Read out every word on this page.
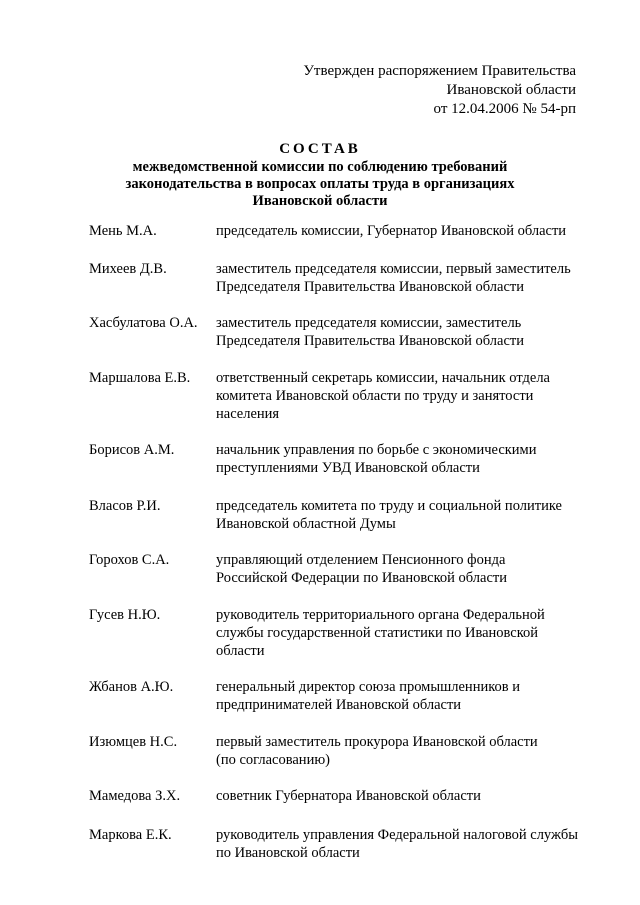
Утвержден распоряжением Правительства
Ивановской области
от 12.04.2006 № 54-рп
СОСТАВ
межведомственной комиссии по соблюдению требований
законодательства в вопросах оплаты труда в организациях
Ивановской области
Мень М.А.	председатель комиссии, Губернатор Ивановской области
Михеев Д.В.	заместитель председателя комиссии, первый заместитель
Председателя Правительства Ивановской области
Хасбулатова О.А. заместитель председателя комиссии, заместитель
Председателя Правительства Ивановской области
Маршалова Е.В. ответственный секретарь комиссии, начальник отдела
комитета Ивановской области по труду и занятости
населения
Борисов А.М.	начальник управления по борьбе с экономическими
преступлениями УВД Ивановской области
Власов Р.И.	председатель комитета по труду и социальной политике
Ивановской областной Думы
Горохов С.А.	управляющий отделением Пенсионного фонда
Российской Федерации по Ивановской области
Гусев Н.Ю.	руководитель территориального органа Федеральной
службы государственной статистики по Ивановской
области
Жбанов А.Ю.	генеральный директор союза промышленников и
предпринимателей Ивановской области
Изюмцев Н.С.	первый заместитель прокурора Ивановской области
(по согласованию)
Мамедова З.Х. советник Губернатора Ивановской области
Маркова Е.К.	руководитель управления Федеральной налоговой службы
по Ивановской области
